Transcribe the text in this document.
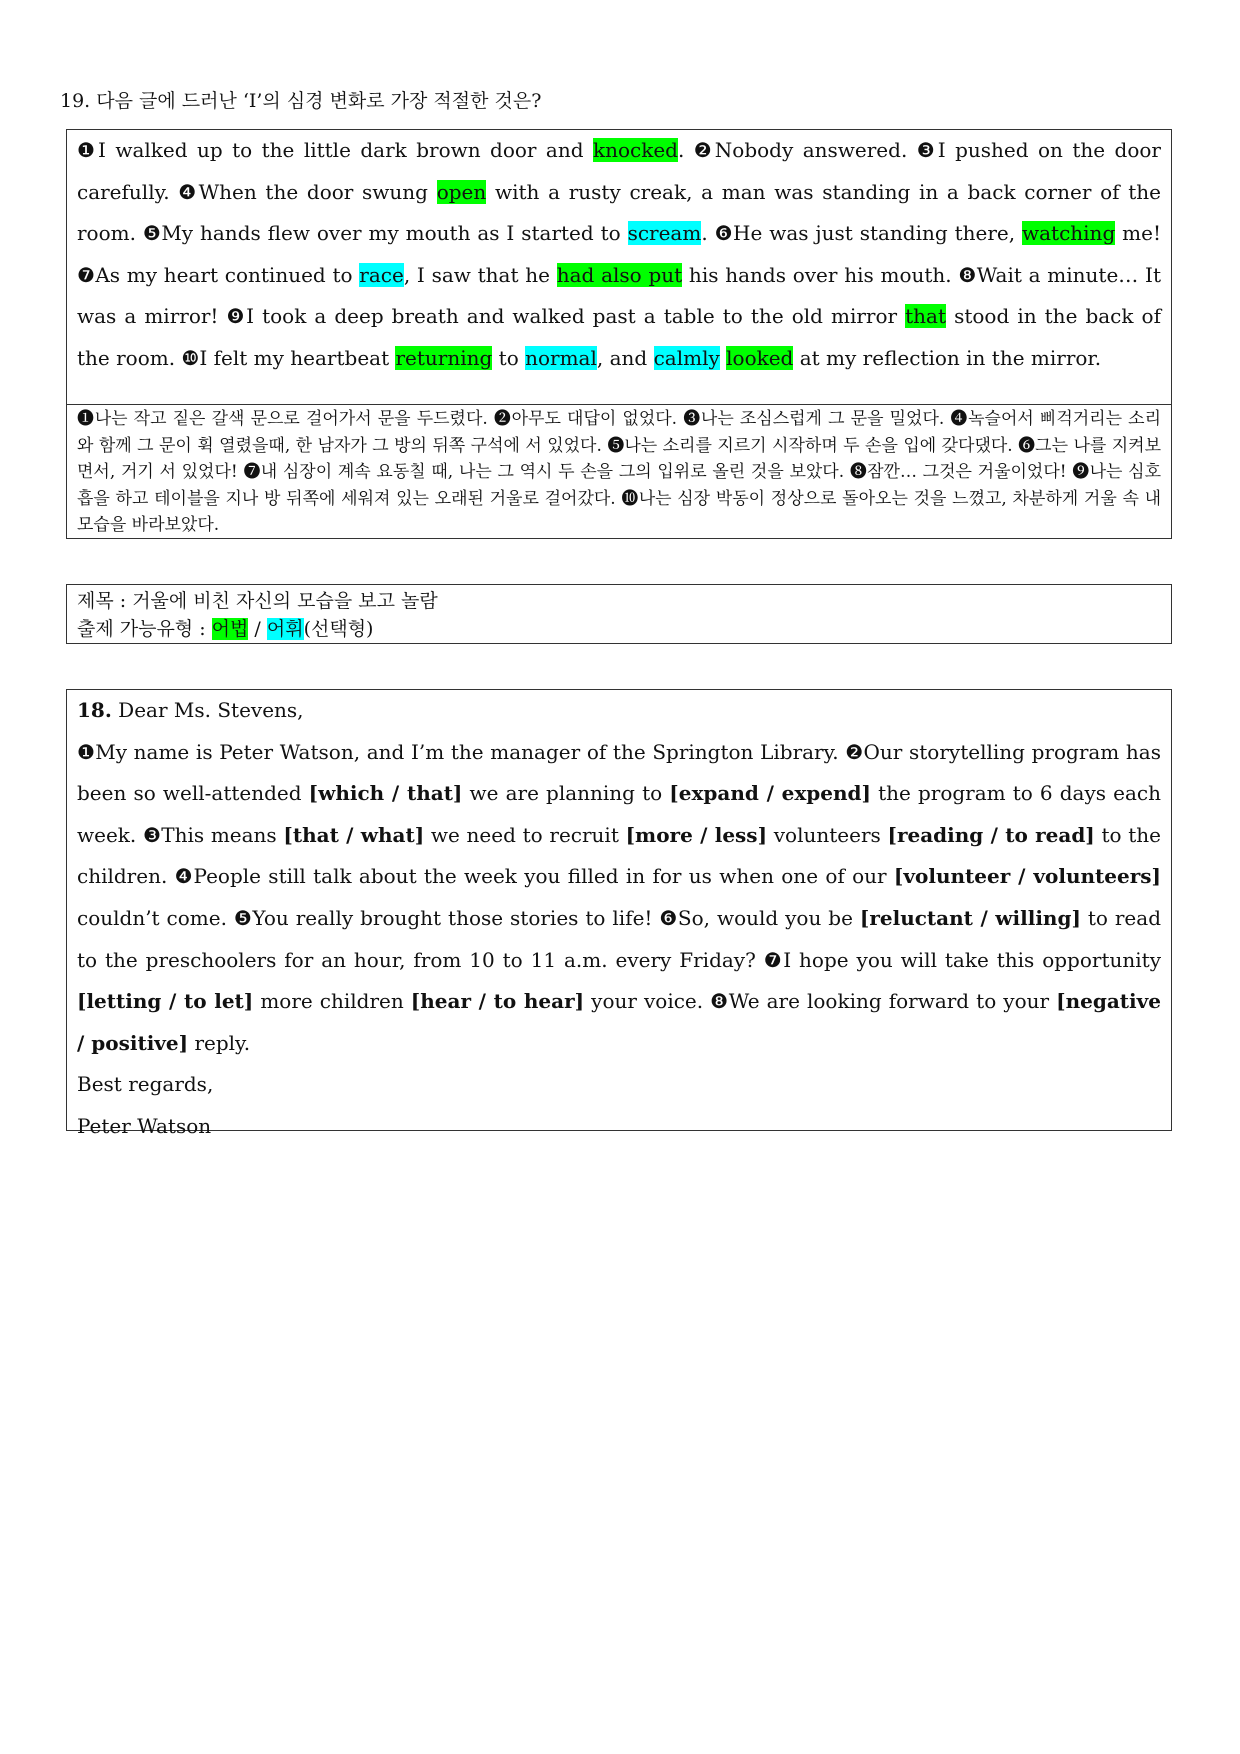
19. 다음 글에 드러난 ‘I’의 심경 변화로 가장 적절한 것은?
❶I walked up to the little dark brown door and knocked. ❷Nobody answered. ❸I pushed on the door carefully. ❹When the door swung open with a rusty creak, a man was standing in a back corner of the room. ❺My hands flew over my mouth as I started to scream. ❻He was just standing there, watching me! ❼As my heart continued to race, I saw that he had also put his hands over his mouth. ❽Wait a minute… It was a mirror! ❾I took a deep breath and walked past a table to the old mirror that stood in the back of the room. ❿I felt my heartbeat returning to normal, and calmly looked at my reflection in the mirror.
❶나는 작고 짙은 갈색 문으로 걸어가서 문을 두드렸다. ❷아무도 대답이 없었다. ❸나는 조심스럽게 그 문을 밀었다. ❹녹슬어서 삐걱거리는 소리와 함께 그 문이 휙 열렸을때, 한 남자가 그 방의 뒤쪽 구석에 서 있었다. ❺나는 소리를 지르기 시작하며 두 손을 입에 갖다댔다. ❻그는 나를 지켜보면서, 거기 서 있었다! ❼내 심장이 계속 요동칠 때, 나는 그 역시 두 손을 그의 입위로 올린 것을 보았다. ❽잠깐… 그것은 거울이었다! ❾나는 심호흡을 하고 테이블을 지나 방 뒤쪽에 세워져 있는 오래된 거울로 걸어갔다. ❿나는 심장 박동이 정상으로 돌아오는 것을 느꼈고, 차분하게 거울 속 내 모습을 바라보았다.
제목 : 거울에 비친 자신의 모습을 보고 놀람
출제 가능유형 : 어법 / 어휘(선택형)

18. Dear Ms. Stevens,

❶My name is Peter Watson, and I’m the manager of the Springton Library. ❷Our storytelling program has been so well-attended [which / that] we are planning to [expand / expend] the program to 6 days each week. ❸This means [that / what] we need to recruit [more / less] volunteers [reading / to read] to the children. ❹People still talk about the week you filled in for us when one of our [volunteer / volunteers] couldn’t come. ❺You really brought those stories to life! ❻So, would you be [reluctant / willing] to read to the preschoolers for an hour, from 10 to 11 a.m. every Friday? ❼I hope you will take this opportunity [letting / to let] more children [hear / to hear] your voice. ❽We are looking forward to your [negative / positive] reply.

Best regards,

Peter Watson
